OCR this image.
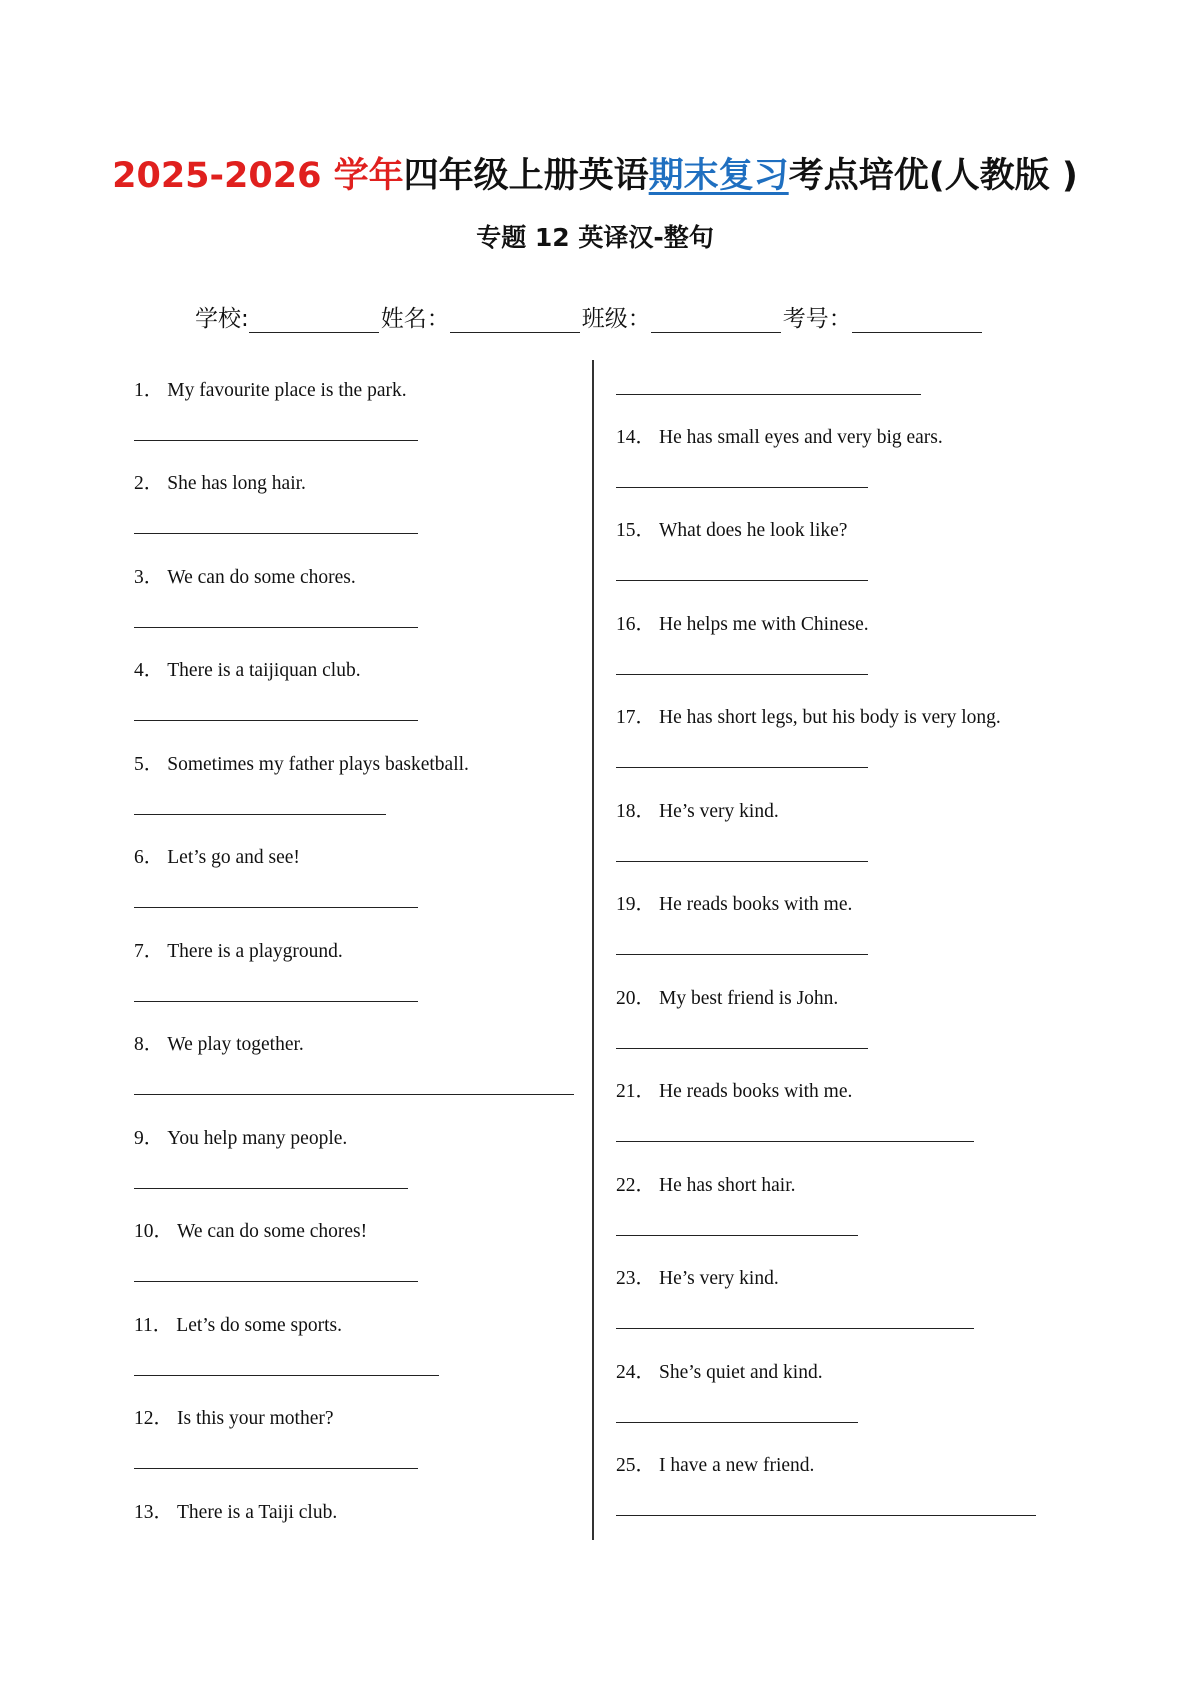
2025-2026 学年四年级上册英语期末复习考点培优(人教版 )
专题 12 英译汉-整句
学校:	姓名：	班级：	考号：
1． My favourite place is the park.
2． She has long hair.
3． We can do some chores.
4． There is a taijiquan club.
5． Sometimes my father plays basketball.
6． Let’s go and see!
7． There is a playground.
8． We play together.
9． You help many people.
10． We can do some chores!
11． Let’s do some sports.
12． Is this your mother?
13． There is a Taiji club.
14． He has small eyes and very big ears.
15． What does he look like?
16． He helps me with Chinese.
17． He has short legs, but his body is very long.
18． He’s very kind.
19． He reads books with me.
20． My best friend is John.
21． He reads books with me.
22． He has short hair.
23． He’s very kind.
24． She’s quiet and kind.
25． I have a new friend.
